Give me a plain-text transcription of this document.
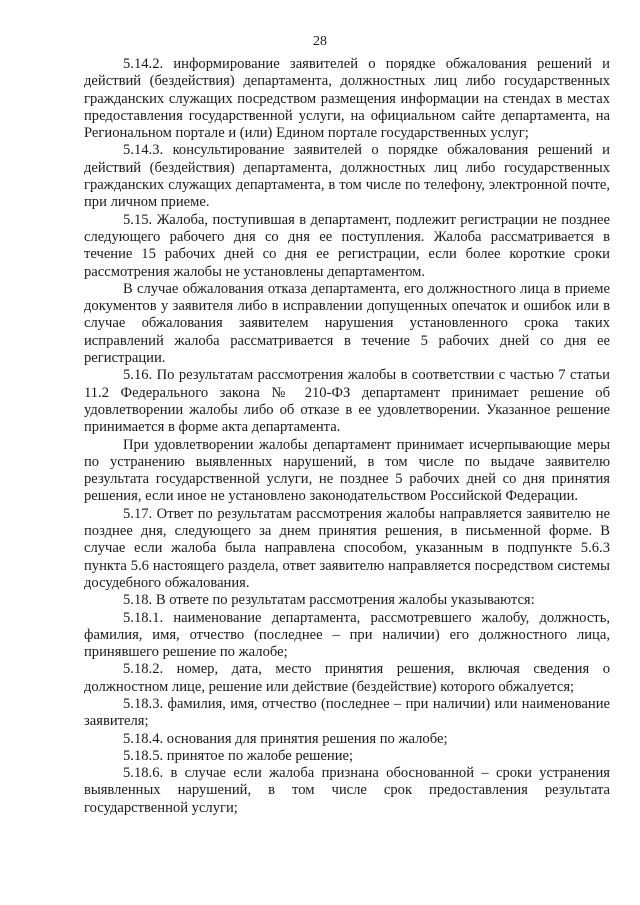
28

5.14.2. информирование заявителей о порядке обжалования решений и действий (бездействия) департамента, должностных лиц либо государственных гражданских служащих посредством размещения информации на стендах в местах предоставления государственной услуги, на официальном сайте департамента, на Региональном портале и (или) Едином портале государственных услуг;

5.14.3. консультирование заявителей о порядке обжалования решений и действий (бездействия) департамента, должностных лиц либо государственных гражданских служащих департамента, в том числе по телефону, электронной почте, при личном приеме.

5.15. Жалоба, поступившая в департамент, подлежит регистрации не позднее следующего рабочего дня со дня ее поступления. Жалоба рассматривается в течение 15 рабочих дней со дня ее регистрации, если более короткие сроки рассмотрения жалобы не установлены департаментом.

В случае обжалования отказа департамента, его должностного лица в приеме документов у заявителя либо в исправлении допущенных опечаток и ошибок или в случае обжалования заявителем нарушения установленного срока таких исправлений жалоба рассматривается в течение 5 рабочих дней со дня ее регистрации.

5.16. По результатам рассмотрения жалобы в соответствии с частью 7 статьи 11.2 Федерального закона № 210-ФЗ департамент принимает решение об удовлетворении жалобы либо об отказе в ее удовлетворении. Указанное решение принимается в форме акта департамента.

При удовлетворении жалобы департамент принимает исчерпывающие меры по устранению выявленных нарушений, в том числе по выдаче заявителю результата государственной услуги, не позднее 5 рабочих дней со дня принятия решения, если иное не установлено законодательством Российской Федерации.

5.17. Ответ по результатам рассмотрения жалобы направляется заявителю не позднее дня, следующего за днем принятия решения, в письменной форме. В случае если жалоба была направлена способом, указанным в подпункте 5.6.3 пункта 5.6 настоящего раздела, ответ заявителю направляется посредством системы досудебного обжалования.

5.18. В ответе по результатам рассмотрения жалобы указываются:

5.18.1. наименование департамента, рассмотревшего жалобу, должность, фамилия, имя, отчество (последнее – при наличии) его должностного лица, принявшего решение по жалобе;

5.18.2. номер, дата, место принятия решения, включая сведения о должностном лице, решение или действие (бездействие) которого обжалуется;

5.18.3. фамилия, имя, отчество (последнее – при наличии) или наименование заявителя;

5.18.4. основания для принятия решения по жалобе;

5.18.5. принятое по жалобе решение;

5.18.6. в случае если жалоба признана обоснованной – сроки устранения выявленных нарушений, в том числе срок предоставления результата государственной услуги;
